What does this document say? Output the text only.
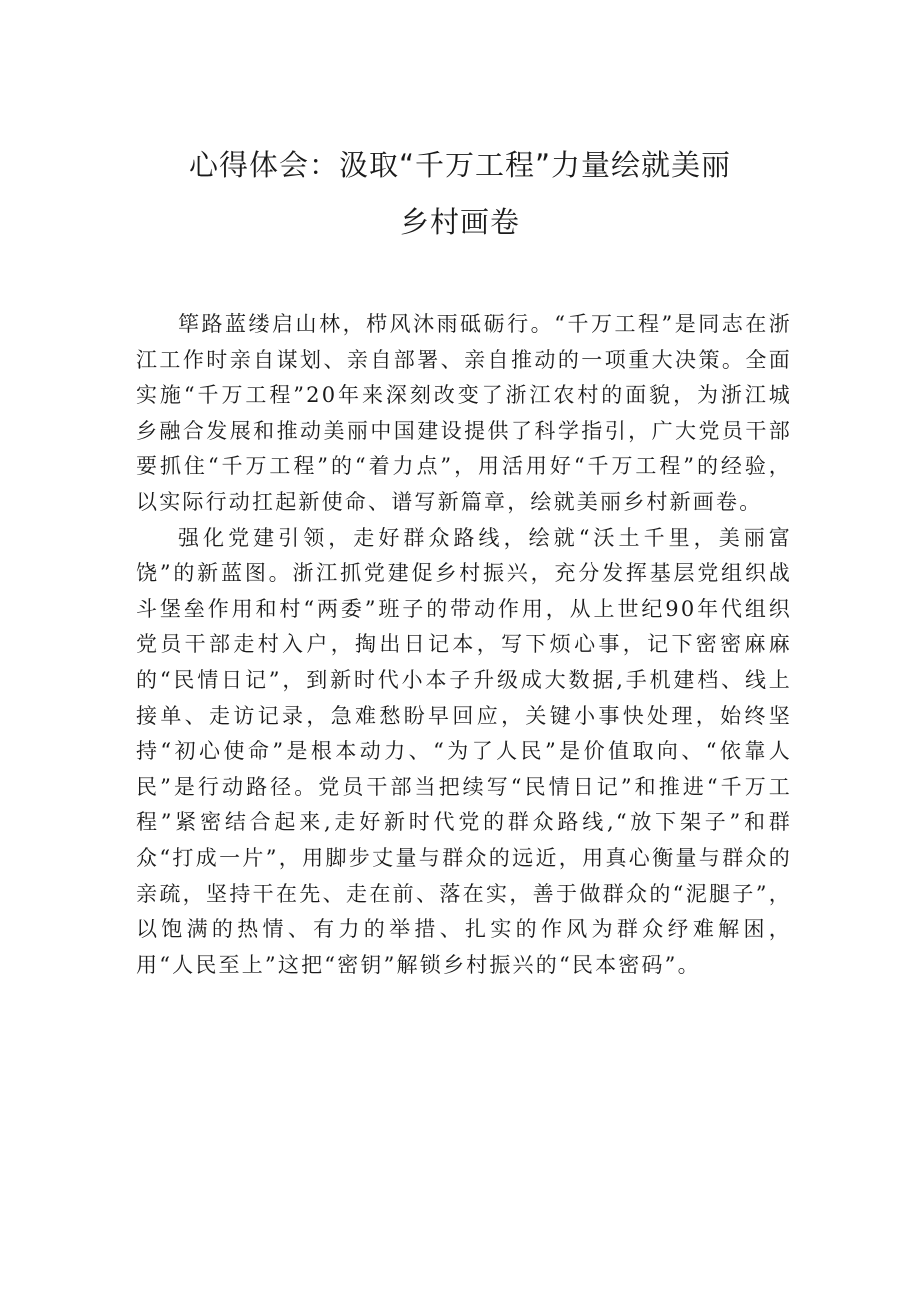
心得体会：汲取“千万工程”力量绘就美丽
乡村画卷

筚路蓝缕启山林，栉风沐雨砥砺行。“千万工程”是同志在浙江工作时亲自谋划、亲自部署、亲自推动的一项重大决策。全面实施“千万工程”20年来深刻改变了浙江农村的面貌，为浙江城乡融合发展和推动美丽中国建设提供了科学指引，广大党员干部要抓住“千万工程”的“着力点”，用活用好“千万工程”的经验，以实际行动扛起新使命、谱写新篇章，绘就美丽乡村新画卷。

强化党建引领，走好群众路线，绘就“沃土千里，美丽富饶”的新蓝图。浙江抓党建促乡村振兴，充分发挥基层党组织战斗堡垒作用和村“两委”班子的带动作用，从上世纪90年代组织党员干部走村入户，掏出日记本，写下烦心事，记下密密麻麻的“民情日记”，到新时代小本子升级成大数据,手机建档、线上接单、走访记录，急难愁盼早回应，关键小事快处理，始终坚持“初心使命”是根本动力、“为了人民”是价值取向、“依靠人民”是行动路径。党员干部当把续写“民情日记”和推进“千万工程”紧密结合起来,走好新时代党的群众路线,“放下架子”和群众“打成一片”，用脚步丈量与群众的远近，用真心衡量与群众的亲疏，坚持干在先、走在前、落在实，善于做群众的“泥腿子”，以饱满的热情、有力的举措、扎实的作风为群众纾难解困，用“人民至上”这把“密钥”解锁乡村振兴的“民本密码”。
